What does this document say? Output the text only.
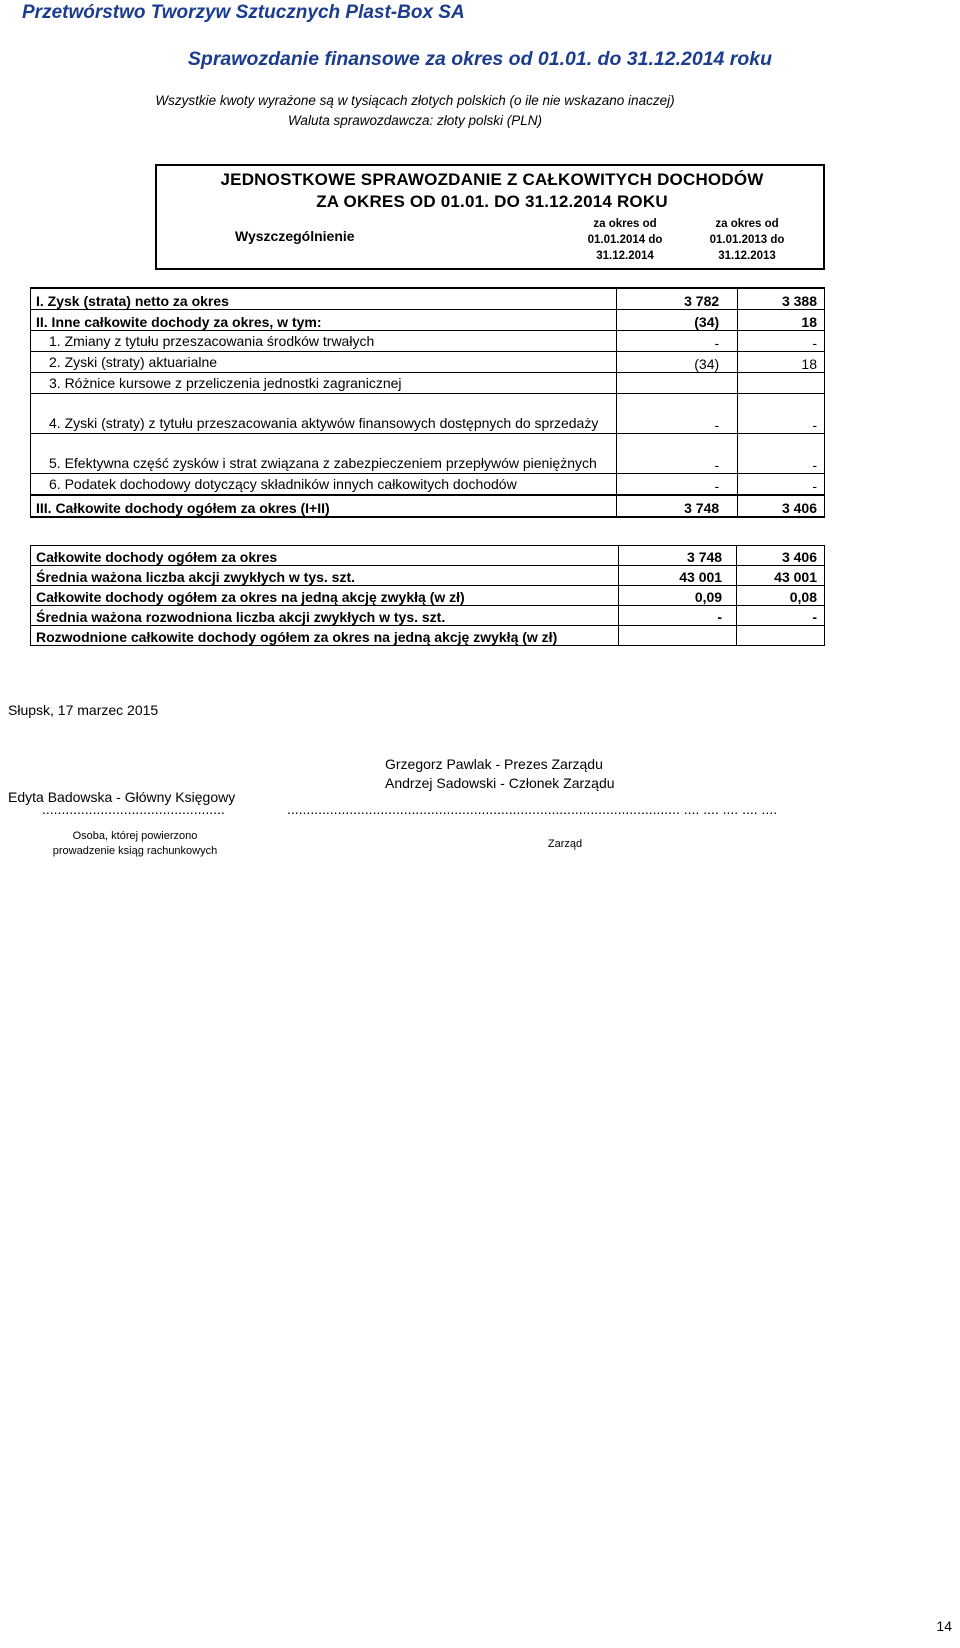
Przetwórstwo Tworzyw Sztucznych Plast-Box SA
Sprawozdanie finansowe za okres od 01.01. do 31.12.2014 roku
Wszystkie kwoty wyrażone są w tysiącach złotych polskich (o ile nie wskazano inaczej)
Waluta sprawozdawcza: złoty polski (PLN)
JEDNOSTKOWE SPRAWOZDANIE Z CAŁKOWITYCH DOCHODÓW
ZA OKRES OD 01.01. DO 31.12.2014 ROKU
Wyszczególnienie
za okres od
01.01.2014 do
31.12.2014
za okres od
01.01.2013 do
31.12.2013
I. Zysk (strata) netto za okres	3 782	3 388
II. Inne całkowite dochody za okres, w tym:	(34)	18
1. Zmiany z tytułu przeszacowania środków trwałych	-	-
2. Zyski (straty) aktuarialne	(34)	18
3. Różnice kursowe z przeliczenia jednostki zagranicznej		
4. Zyski (straty) z tytułu przeszacowania aktywów finansowych dostępnych do sprzedaży	-	-
5. Efektywna część zysków i strat związana z zabezpieczeniem przepływów pieniężnych	-	-
6. Podatek dochodowy dotyczący składników innych całkowitych dochodów	-	-
III. Całkowite dochody ogółem za okres (I+II)	3 748	3 406
Całkowite dochody ogółem za okres	3 748	3 406
Średnia ważona liczba akcji zwykłych w tys. szt.	43 001	43 001
Całkowite dochody ogółem za okres na jedną akcję zwykłą (w zł)	0,09	0,08
Średnia ważona rozwodniona liczba akcji zwykłych w tys. szt.	-	-
Rozwodnione całkowite dochody ogółem za okres na jedną akcję zwykłą (w zł)		
Słupsk, 17 marzec 2015
Grzegorz Pawlak - Prezes Zarządu
Andrzej Sadowski - Członek Zarządu
Edyta Badowska - Główny Księgowy
...............................................	..................................................................................................... .... .... .... .... ....
Osoba, której powierzono
prowadzenie ksiąg rachunkowych
Zarząd
14
